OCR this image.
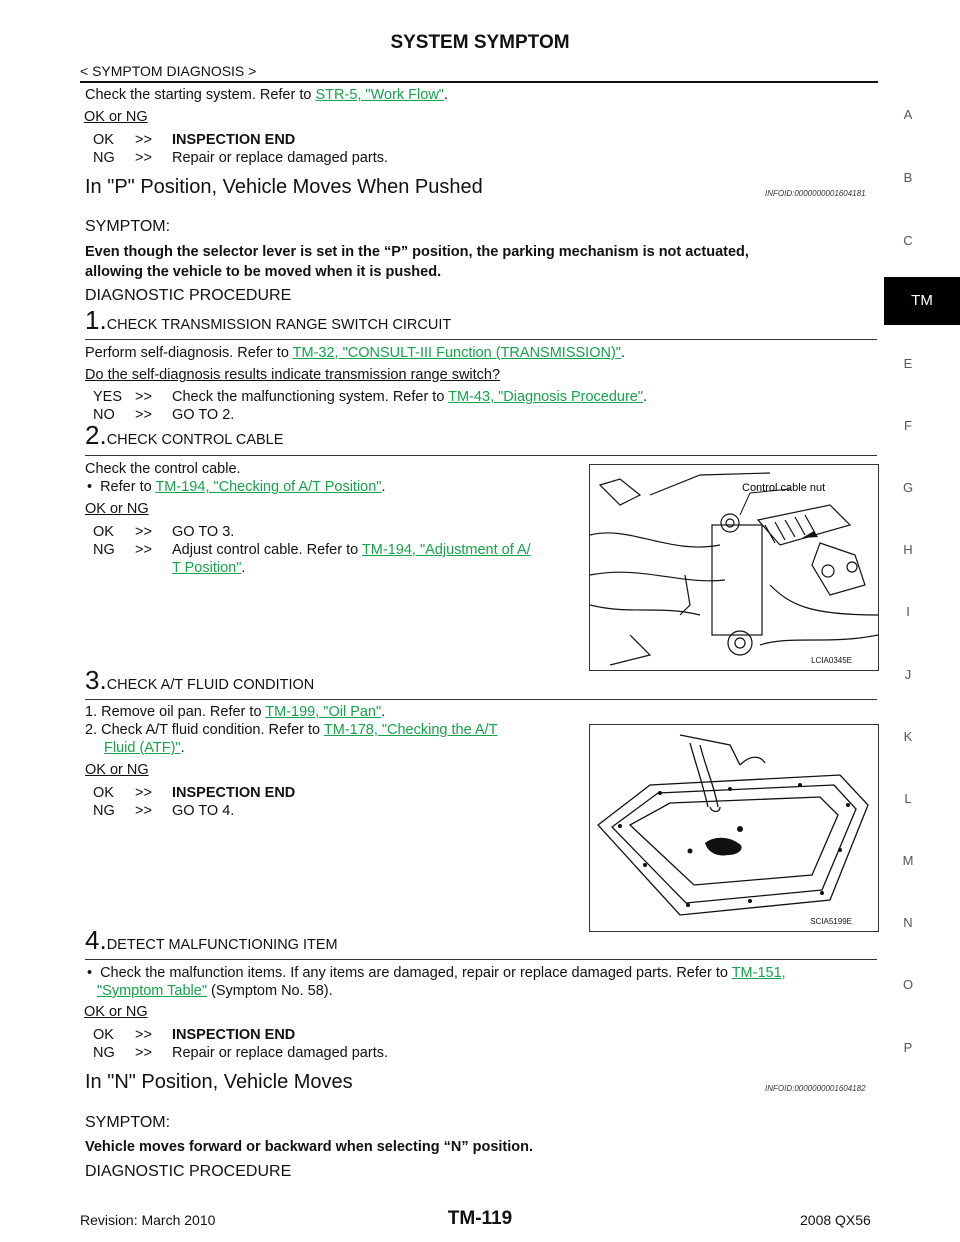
SYSTEM SYMPTOM
< SYMPTOM DIAGNOSIS >
Check the starting system. Refer to STR-5, "Work Flow".
OK or NG
OK >> INSPECTION END
NG >> Repair or replace damaged parts.
In "P" Position, Vehicle Moves When Pushed	INFOID:0000000001604181
SYMPTOM:
Even though the selector lever is set in the “P” position, the parking mechanism is not actuated,
allowing the vehicle to be moved when it is pushed.
DIAGNOSTIC PROCEDURE
1.CHECK TRANSMISSION RANGE SWITCH CIRCUIT
Perform self-diagnosis. Refer to TM-32, "CONSULT-III Function (TRANSMISSION)".
Do the self-diagnosis results indicate transmission range switch?
YES >> Check the malfunctioning system. Refer to TM-43, "Diagnosis Procedure".
NO >> GO TO 2.
2.CHECK CONTROL CABLE
Check the control cable.
• Refer to TM-194, "Checking of A/T Position".
OK or NG
OK >> GO TO 3.
NG >> Adjust control cable. Refer to TM-194, "Adjustment of A/
T Position".
Control cable nut
LCIA0345E
3.CHECK A/T FLUID CONDITION
1. Remove oil pan. Refer to TM-199, "Oil Pan".
2. Check A/T fluid condition. Refer to TM-178, "Checking the A/T
Fluid (ATF)".
OK or NG
OK >> INSPECTION END
NG >> GO TO 4.
SCIA5199E
4.DETECT MALFUNCTIONING ITEM
• Check the malfunction items. If any items are damaged, repair or replace damaged parts. Refer to TM-151,
"Symptom Table" (Symptom No. 58).
OK or NG
OK >> INSPECTION END
NG >> Repair or replace damaged parts.
In "N" Position, Vehicle Moves	INFOID:0000000001604182
SYMPTOM:
Vehicle moves forward or backward when selecting “N” position.
DIAGNOSTIC PROCEDURE
A
B
C
TM
E
F
G
H
I
J
K
L
M
N
O
P
TM-119
Revision: March 2010	2008 QX56
